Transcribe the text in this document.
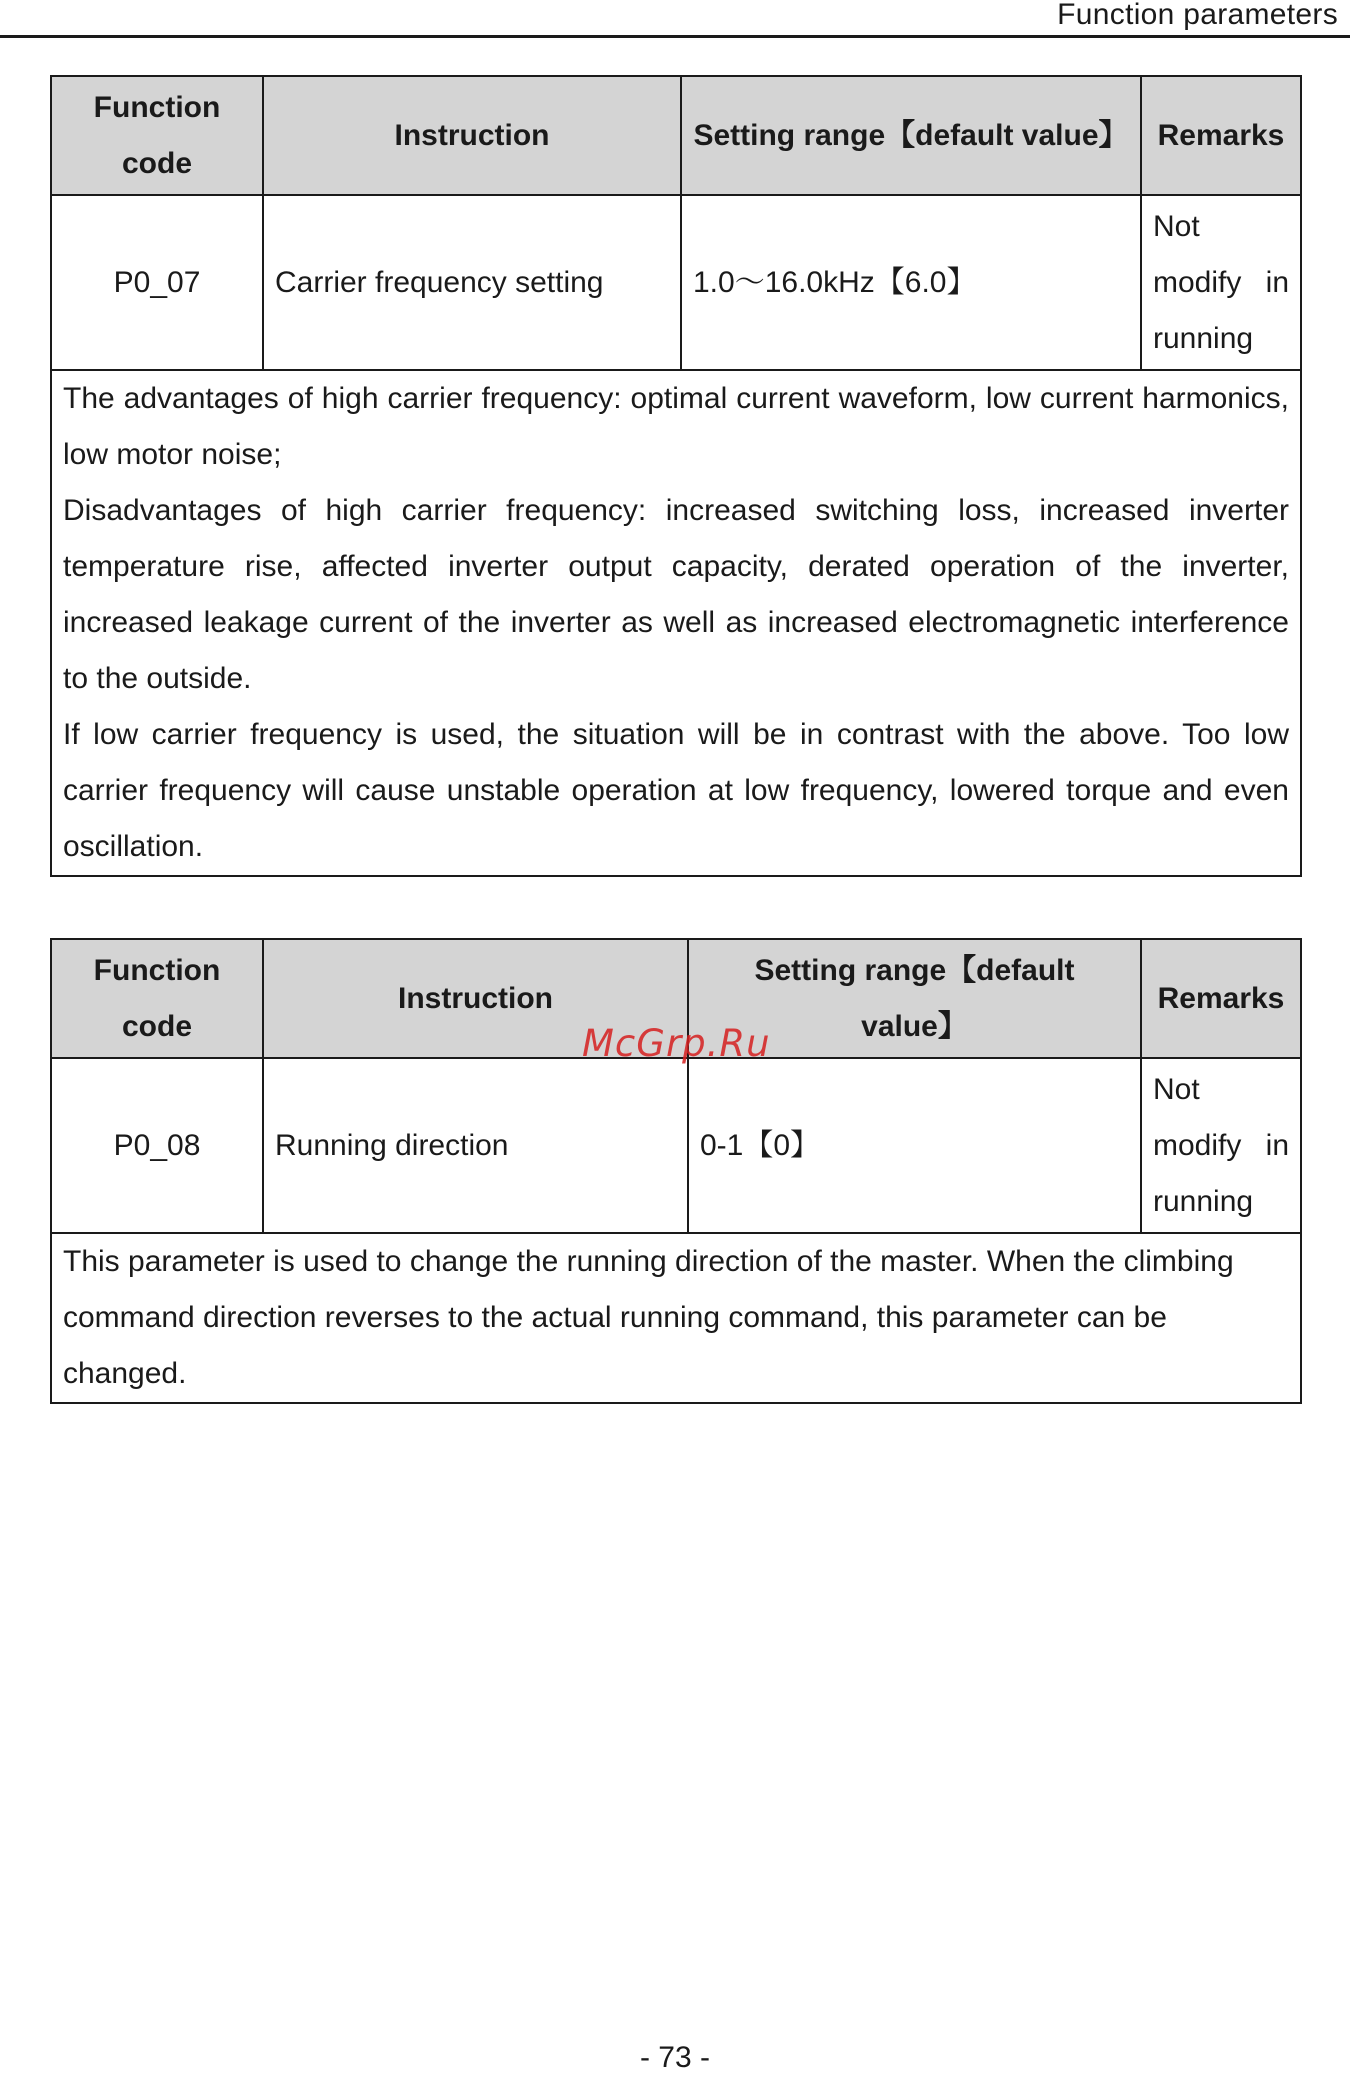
Function parameters
Function code	Instruction	Setting range【default value】	Remarks
P0_07	Carrier frequency setting	1.0～16.0kHz【6.0】	Not modify in running

The advantages of high carrier frequency: optimal current waveform, low current harmonics, low motor noise;

Disadvantages of high carrier frequency: increased switching loss, increased inverter temperature rise, affected inverter output capacity, derated operation of the inverter, increased leakage current of the inverter as well as increased electromagnetic interference to the outside.

If low carrier frequency is used, the situation will be in contrast with the above. Too low carrier frequency will cause unstable operation at low frequency, lowered torque and even oscillation.			

Function code	Instruction	Setting range【default value】	Remarks
P0_08	Running direction	0-1【0】	Not modify in running

This parameter is used to change the running direction of the master. When the climbing command direction reverses to the actual running command, this parameter can be changed.			

McGrp.Ru
- 73 -
